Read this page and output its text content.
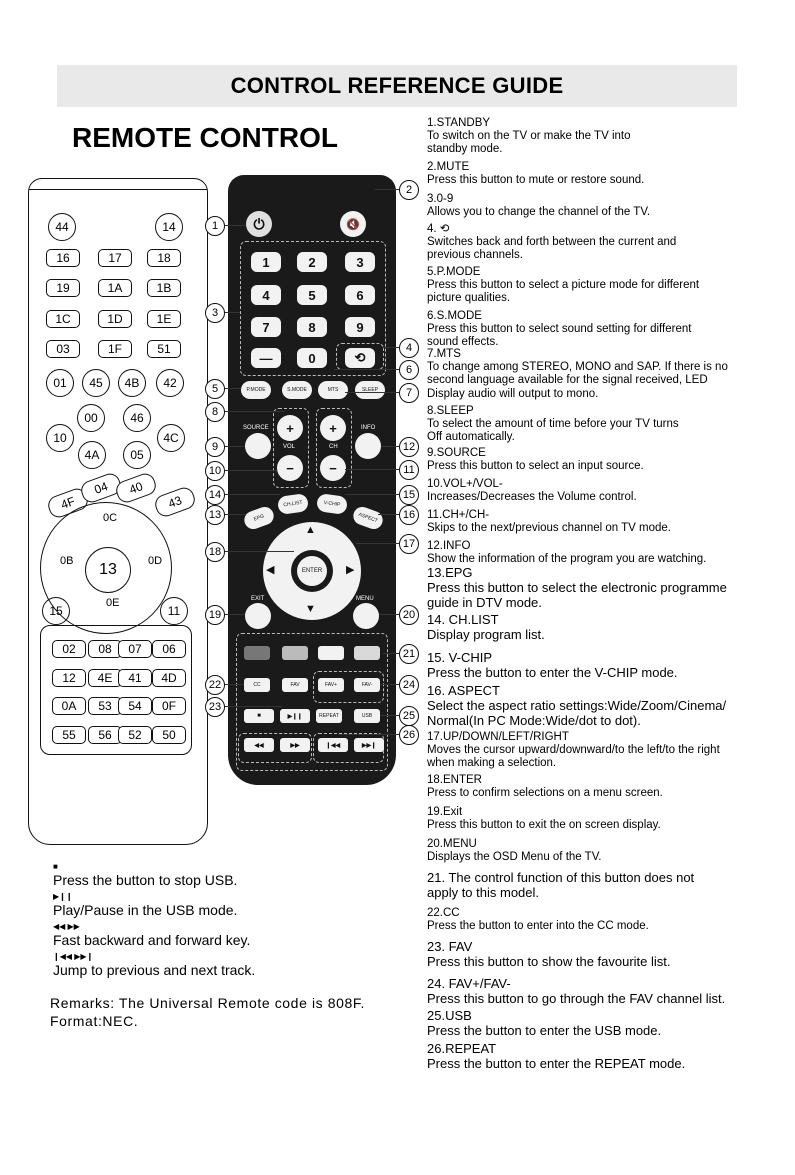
CONTROL REFERENCE GUIDE
REMOTE CONTROL
44	14
16	17	18
19	1A	1B
1C	1D	1E
03	1F	51
01	45	4B	42
00	46
10	4C
4A	05
4F
04	40
43
0C
0B	13	0D
0E
15	11
02	08	07	06
12	4E	41	4D
0A	53	54	0F
55	56	52	50
⏻	🔇
1	2	3
4	5	6
7	8	9
—	0	⟲
P.MODE	S.MODE	MTS	SLEEP
+
−
+
−
VOL	CH
SOURCE	INFO
EPG
CH.LIST	V-CHIP
ASPECT
ENTER
▲
▼
◀	▶
EXIT	MENU
CC	FAV	FAV+	FAV-
REPEAT	USB
■	▶❙❙
◀◀	▶▶	❙◀◀	▶▶❙
1
2
3
4
5
6
7
8
9
10	11
12
13
14	15
16
17
18
19	20
21
22
23
24
25
26
1.STANDBY
To switch on the TV or make the TV into
standby mode.
2.MUTE
Press this button to mute or restore sound.
3.0-9
Allows you to change the channel of the TV.
4. ⟲
Switches back and forth between the current and
previous channels.
5.P.MODE
Press this button to select a picture mode for different
picture qualities.
6.S.MODE
Press this button to select sound setting for different
sound effects.
7.MTS
To change among STEREO, MONO and SAP. If there is no
second language available for the signal received, LED
Display audio will output to mono.
8.SLEEP
To select the amount of time before your TV turns
Off automatically.
9.SOURCE
Press this button to select an input source.
10.VOL+/VOL-
Increases/Decreases the Volume control.
11.CH+/CH-
Skips to the next/previous channel on TV mode.
12.INFO
Show the information of the program you are watching.
13.EPG
Press this button to select the electronic programme
guide in DTV mode.
14. CH.LIST
Display program list.
15. V-CHIP
Press the button to enter the V-CHIP mode.
16. ASPECT
Select the aspect ratio settings:Wide/Zoom/Cinema/
Normal(In PC Mode:Wide/dot to dot).
17.UP/DOWN/LEFT/RIGHT
Moves the cursor upward/downward/to the left/to the right
when making a selection.
18.ENTER
Press to confirm selections on a menu screen.
19.Exit
Press this button to exit the on screen display.
20.MENU
Displays the OSD Menu of the TV.
21. The control function of this button does not
apply to this model.
22.CC
Press the button to enter into the CC mode.
23. FAV
Press this button to show the favourite list.
24. FAV+/FAV-
Press this button to go through the FAV channel list.
25.USB
Press the button to enter the USB mode.
26.REPEAT
Press the button to enter the REPEAT mode.
■
Press the button to stop USB.
▶❙❙
Play/Pause in the USB mode.
◀◀ ▶▶
Fast backward and forward key.
❙◀◀ ▶▶❙
Jump to previous and next track.
Remarks: The Universal Remote code is 808F.
Format:NEC.
